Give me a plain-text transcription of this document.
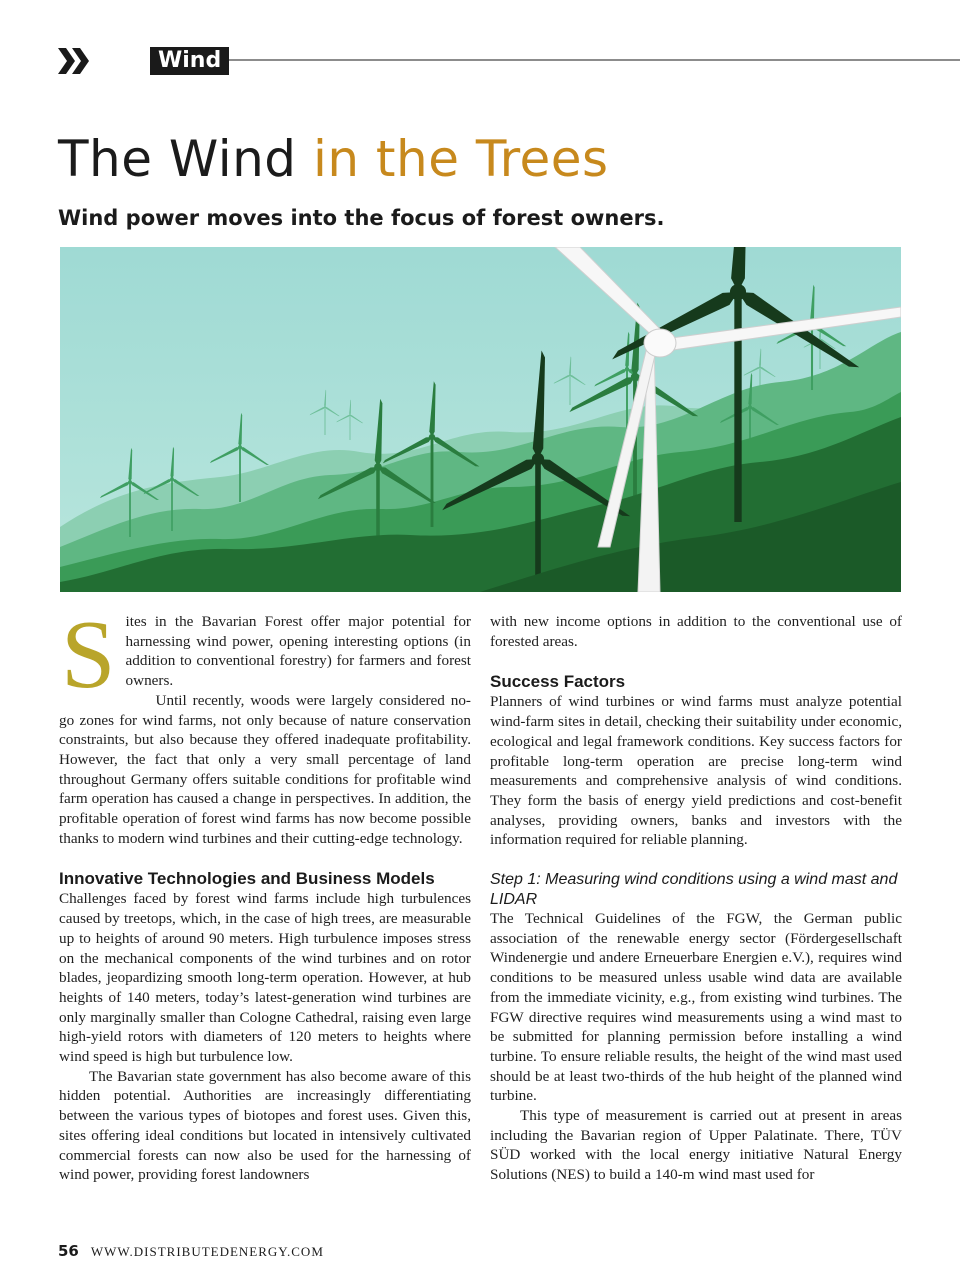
Wind
The Wind in the Trees
Wind power moves into the focus of forest owners.
S ites in the Bavarian Forest offer major potential for harnessing wind power, opening interesting options (in addition to conventional forestry) for farmers and forest owners.

Until recently, woods were largely considered no-go zones for wind farms, not only because of nature conservation constraints, but also because they offered inadequate profitability. However, the fact that only a very small percentage of land throughout Germany offers suitable conditions for profitable wind farm operation has caused a change in perspectives. In addition, the profitable operation of forest wind farms has now become possible thanks to modern wind turbines and their cutting-edge technology.

Innovative Technologies and Business Models

Challenges faced by forest wind farms include high turbulences caused by treetops, which, in the case of high trees, are measurable up to heights of around 90 meters. High turbulence imposes stress on the mechanical components of the wind turbines and on rotor blades, jeopardizing smooth long-term operation. However, at hub heights of 140 meters, today’s latest-generation wind turbines are only marginally smaller than Cologne Cathedral, raising even large high-yield rotors with diameters of 120 meters to heights where wind speed is high but turbulence low.

The Bavarian state government has also become aware of this hidden potential. Authorities are increasingly differentiating between the various types of biotopes and forest uses. Given this, sites offering ideal conditions but located in intensively cultivated commercial forests can now also be used for the harnessing of wind power, providing forest landowners

with new income options in addition to the conventional use of forested areas.

Success Factors

Planners of wind turbines or wind farms must analyze potential wind-farm sites in detail, checking their suitability under economic, ecological and legal framework conditions. Key success factors for profitable long-term operation are precise long-term wind measurements and comprehensive analysis of wind conditions. They form the basis of energy yield predictions and cost-benefit analyses, providing owners, banks and investors with the information required for reliable planning.

Step 1: Measuring wind conditions using a wind mast and LIDAR

The Technical Guidelines of the FGW, the German public association of the renewable energy sector (Fördergesellschaft Windenergie und andere Erneuerbare Energien e.V.), requires wind conditions to be measured unless usable wind data are available from the immediate vicinity, e.g., from existing wind turbines. The FGW directive requires wind measurements using a wind mast to be submitted for planning permission before installing a wind turbine. To ensure reliable results, the height of the wind mast used should be at least two-thirds of the hub height of the planned wind turbine.

This type of measurement is carried out at present in areas including the Bavarian region of Upper Palatinate. There, TÜV SÜD worked with the local energy initiative Natural Energy Solutions (NES) to build a 140-m wind mast used for

56 WWW.DISTRIBUTEDENERGY.COM
